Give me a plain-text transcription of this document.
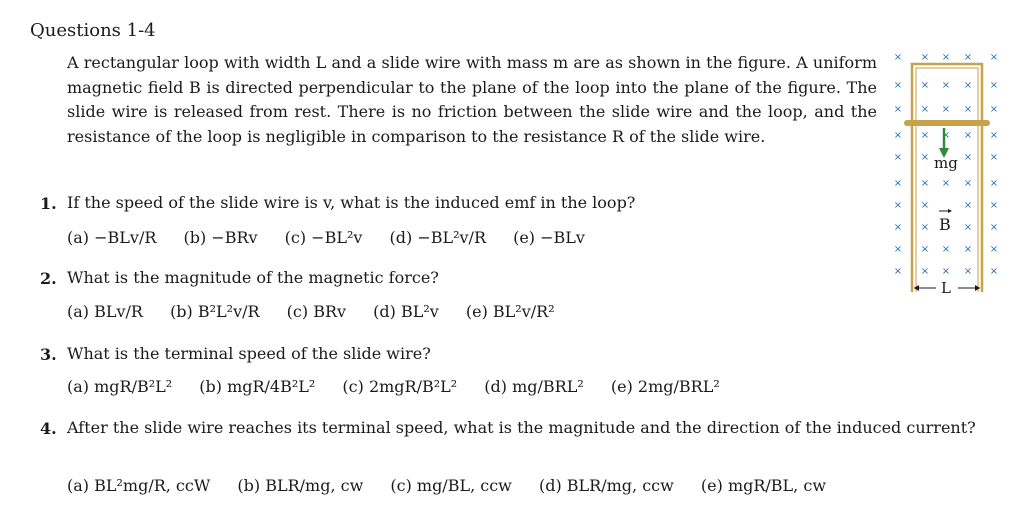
Questions 1-4
A rectangular loop with width L and a slide wire with mass m are as shown in the figure. A uniform magnetic field B is directed perpendicular to the plane of the loop into the plane of the figure. The slide wire is released from rest. There is no friction between the slide wire and the loop, and the resistance of the loop is negligible in comparison to the resistance R of the slide wire.
1. If the speed of the slide wire is v, what is the induced emf in the loop?
(a) −BLv/R (b) −BRv (c) −BL²v (d) −BL²v/R (e) −BLv
2. What is the magnitude of the magnetic force?
(a) BLv/R (b) B²L²v/R (c) BRv (d) BL²v (e) BL²v/R²
3. What is the terminal speed of the slide wire?
(a) mgR/B²L² (b) mgR/4B²L² (c) 2mgR/B²L² (d) mg/BRL² (e) 2mg/BRL²
4. After the slide wire reaches its terminal speed, what is the magnitude and the direction of the induced current?
(a) BL²mg/R, ccW (b) BLR/mg, cw (c) mg/BL, ccw (d) BLR/mg, ccw (e) mgR/BL, cw
× × × × ×
× × × × ×
× × × × ×
× × × × ×
× ×	× ×
× × × × ×
× ×	× ×
× ×	× ×
× × × × ×
× × × × ×
mg
B
L
